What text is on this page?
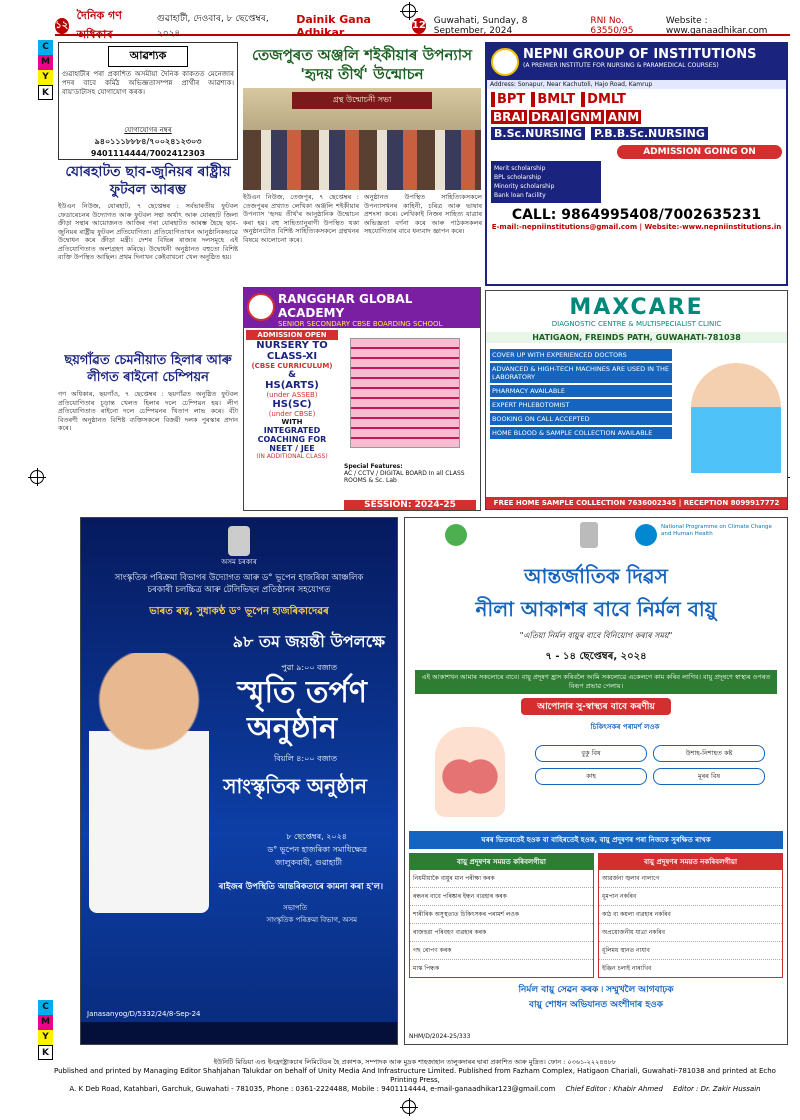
C
M
Y
K
C
M
Y
K
১২
দৈনিক গণ অধিকাৰ
গুৱাহাটী, দেওবাৰ, ৮ ছেপ্তেম্বৰ, ২০২৪
Dainik Gana Adhikar
12 Guwahati, Sunday, 8 September, 2024
RNI No. 63550/95
Website : www.ganaadhikar.com
আৱশ্যক
গুৱাহাটীৰ পৰা প্ৰকাশিত অসমীয়া দৈনিক কাকতত মেনেজাৰ পদৰ বাবে কৰ্মিঠ অভিজ্ঞতাসম্পন্ন প্ৰাৰ্থীৰ আৱশ্যক। বায়'ডাটাসহ যোগাযোগ কৰক।
যোগাযোগৰ নম্বৰ
৯৪০১১১৮৮৮৪/৭০০২৪১২৩০৩
9401114444/7002412303
যোৰহাটত ছাব-জুনিয়ৰ ৰাষ্ট্ৰীয় ফুটবল আৰম্ভ
ইউএন নিউজ, যোৰহাট, ৭ ছেপ্তেম্বৰ : সৰ্বভাৰতীয় ফুটবল ফেডাৰেচনৰ উদ্যোগত আৰু ফুটবল সন্থা অৰ্থাৎ আৰু যোৰহাট জিলা ক্ৰীড়া সন্থাৰ আয়োজনত আজিৰ পৰা যোৰহাটত আৰম্ভ হৈছে ছাব-জুনিয়ৰ ৰাষ্ট্ৰীয় ফুটবল প্ৰতিযোগিতা। প্ৰতিযোগিতাখন আনুষ্ঠানিকভাৱে উদ্বোধন কৰে ক্ৰীড়া মন্ত্ৰী। দেশৰ বিভিন্ন ৰাজ্যৰ দলসমূহে এই প্ৰতিযোগিতাত অংশগ্ৰহণ কৰিছে। উদ্বোধনী অনুষ্ঠানত বহুতো বিশিষ্ট ব্যক্তি উপস্থিত আছিল। প্ৰথম দিনাখন কেইবাখনো খেল অনুষ্ঠিত হয়।
ছয়গাঁৱত চেমনীয়াত হিলাৰ আৰু লীগত ৰাইনো চেম্পিয়ন
গণ অধিকাৰ, ছয়গাঁও, ৭ ছেপ্তেম্বৰ : ছয়গাঁৱত অনুষ্ঠিত ফুটবল প্ৰতিযোগিতাৰ চূড়ান্ত খেলত হিলাৰ দলে চেম্পিয়ন হয়। লীগ প্ৰতিযোগিতাত ৰাইনো দলে চেম্পিয়নৰ খিতাপ লাভ কৰে। বঁটা বিতৰণী অনুষ্ঠানত বিশিষ্ট ব্যক্তিসকলে বিজয়ী দলক পুৰস্কাৰ প্ৰদান কৰে।
তেজপুৰত অঞ্জলি শইকীয়াৰ উপন্যাস 'হৃদয় তীৰ্থ' উন্মোচন
গ্ৰন্থ উন্মোচনী সভা
ইউএন নিউজ, তেজপুৰ, ৭ ছেপ্তেম্বৰ : তেজপুৰৰ প্ৰখ্যাত লেখিকা অঞ্জলি শইকীয়াৰ উপন্যাস 'হৃদয় তীৰ্থ'ৰ আনুষ্ঠানিক উন্মোচন কৰা হয়। বহু সাহিত্যানুৰাগী উপস্থিত থকা অনুষ্ঠানটোত বিশিষ্ট সাহিত্যিকসকলে গ্ৰন্থখনৰ বিষয়ে আলোচনা কৰে।
অনুষ্ঠানত উপস্থিত সাহিত্যিকসকলে উপন্যাসখনৰ কাহিনী, চৰিত্ৰ আৰু ভাষাৰ প্ৰশংসা কৰে। লেখিকাই নিজৰ সাহিত্য যাত্ৰাৰ অভিজ্ঞতা বৰ্ণনা কৰে আৰু পাঠকসকলৰ সহযোগিতাৰ বাবে ধন্যবাদ জ্ঞাপন কৰে।
NEPNI GROUP OF INSTITUTIONS
(A PREMIER INSTITUTE FOR NURSING & PARAMEDICAL COURSES)
Address: Sonapur, Near Kachutoli, Hajo Road, Kamrup
BPT BMLT DMLT
BRAI DRAI GNM ANM
B.Sc.NURSING P.B.B.Sc.NURSING
ADMISSION GOING ON
Merit scholarship
BPL scholarship
Minority scholarship
Bank loan facility
CALL: 9864995408/7002635231
E-mail:-nepniinstitutions@gmail.com | Website:-www.nepniinstitutions.in
RANGGHAR GLOBAL ACADEMY
SENIOR SECONDARY CBSE BOARDING SCHOOL
ADMISSION OPEN
NURSERY TO CLASS-XI
(CBSE CURRICULUM)
&
HS(ARTS)
(under ASSEB)
HS(SC)
(under CBSE)
WITH
INTEGRATED COACHING FOR NEET / JEE
(IN ADDITIONAL CLASS)
Special Features:
AC / CCTV / DIGITAL BOARD In all CLASS ROOMS & Sc. Lab
SESSION: 2024-25
MAXCARE
DIAGNOSTIC CENTRE & MULTISPECIALIST CLINIC
HATIGAON, FREINDS PATH, GUWAHATI-781038
COVER UP WITH EXPERIENCED DOCTORS
ADVANCED & HIGH-TECH MACHINES ARE USED IN THE LABORATORY
PHARMACY AVAILABLE
EXPERT PHLEBOTOMIST
BOOKING ON CALL ACCEPTED
HOME BLOOD & SAMPLE COLLECTION AVAILABLE
FREE HOME SAMPLE COLLECTION 7636002345 | RECEPTION 8099917772
অসম চৰকাৰ
সাংস্কৃতিক পৰিক্ৰমা বিভাগৰ উদ্যোগত আৰু ড° ভূপেন হাজৰিকা আঞ্চলিক চৰকাৰী চলচ্চিত্ৰ আৰু টেলিভিছন প্ৰতিষ্ঠানৰ সহযোগত
ভাৰত ৰত্ন, সুধাকণ্ঠ ড° ভূপেন হাজৰিকাদেৱৰ
৯৮ তম জয়ন্তী উপলক্ষে
পুৱা ৯:০০ বজাত
স্মৃতি তৰ্পণ
অনুষ্ঠান
বিয়লি ৪:০০ বজাত
সাংস্কৃতিক অনুষ্ঠান
৮ ছেপ্তেম্বৰ, ২০২৪
ড° ভূপেন হাজৰিকা সমাধিক্ষেত্ৰ
জালুকবাৰী, গুৱাহাটী
ৰাইজৰ উপস্থিতি আন্তৰিকতাৰে কামনা কৰা হ'ল।
সভাপতি
সাংস্কৃতিক পৰিক্ৰমা বিভাগ, অসম
Janasanyog/D/5332/24/8-Sep-24
National Programme on Climate Change and Human Health
আন্তৰ্জাতিক দিৱস
নীলা আকাশৰ বাবে নিৰ্মল বায়ু
"এতিয়া নিৰ্মল বায়ুৰ বাবে বিনিয়োগ কৰাৰ সময়"
৭ - ১৪ ছেপ্তেম্বৰ, ২০২৪
এই আকাশখন আমাৰ সকলোৰে বাবে। বায়ু প্ৰদূষণ হ্ৰাস কৰিবলৈ আমি সকলোৱে একেলগে কাম কৰিব লাগিব। বায়ু প্ৰদূষণে স্বাস্থ্যৰ ওপৰত বিৰূপ প্ৰভাৱ পেলায়।
আপোনাৰ সু-স্বাস্থ্যৰ বাবে কৰণীয়
চিকিৎসকৰ পৰামৰ্শ লওক
বুকু বিষ	উশাহ-নিশাহত কষ্ট
কাহ	মূৰৰ বিষ
ঘৰৰ ভিতৰতেই হওক বা বাহিৰতেই হওক, বায়ু প্ৰদূষণৰ পৰা নিজকে সুৰক্ষিত ৰাখক
বায়ু প্ৰদূষণৰ সময়ত কৰিবলগীয়া
নিয়মীয়াকৈ বায়ুৰ মান পৰীক্ষা কৰক
ৰন্ধনৰ বাবে পৰিষ্কাৰ ইন্ধন ব্যৱহাৰ কৰক
শাৰীৰিক অসুস্থতাত চিকিৎসকৰ পৰামৰ্শ লওক
ৰাজহুৱা পৰিবহণ ব্যৱহাৰ কৰক
গছ ৰোপণ কৰক
মাস্ক পিন্ধক
বায়ু প্ৰদূষণৰ সময়ত নকৰিবলগীয়া
আৱৰ্জনা জ্বলাব নালাগে
ধূমপান নকৰিব
কাঠ বা কয়লা ব্যৱহাৰ নকৰিব
অপ্ৰয়োজনীয় যাত্ৰা নকৰিব
ধূলিময় স্থানত নাযাব
ইঞ্জিন চলাই নাৰাখিব
নিৰ্মল বায়ু সেৱন কৰক ৷ সম্মুখলৈ আগবাঢ়ক
বায়ু শোধন অভিযানত অংশীদাৰ হওক
NHM/D/2024-25/333
ইউনিটি মিডিয়া এণ্ড ইনফ্ৰাষ্ট্ৰাকচাৰ লিমিটেডৰ হৈ প্ৰকাশক, সম্পাদক আৰু মুদ্ৰক শাহজাহান তালুকদাৰৰ দ্বাৰা প্ৰকাশিত আৰু মুদ্ৰিত। ফোন : ০৩৬১-২২২৪৪৮৮
Published and printed by Managing Editor Shahjahan Talukdar on behalf of Unity Media And Infrastructure Limited. Published from Fazham Complex, Hatigaon Chariali, Guwahati-781038 and printed at Echo Printing Press,
A. K Deb Road, Katahbari, Garchuk, Guwahati - 781035, Phone : 0361-2224488, Mobile : 9401114444, e-mail-ganaadhikar123@gmail.com Chief Editor : Khabir Ahmed Editor : Dr. Zakir Hussain
